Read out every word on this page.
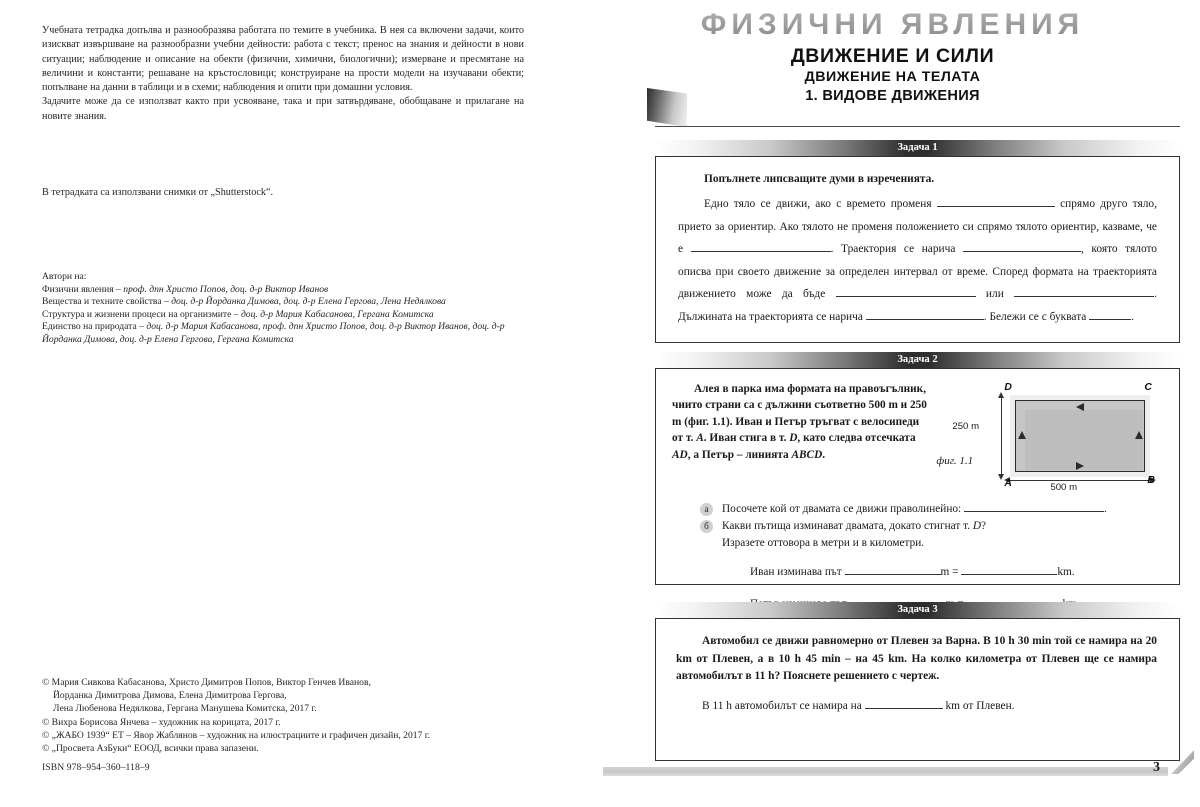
Учебната тетрадка допълва и разнообразява работата по темите в учебника. В нея са включени задачи, които изискват извършване на разнообразни учебни дейности: работа с текст; пренос на знания и дейности в нови ситуации; наблюдение и описание на обекти (физични, химични, биологични); измерване и пресмятане на величини и константи; решаване на кръстословици; конструиране на прости модели на изучавани обекти; попълване на данни в таблици и в схеми; наблюдения и опити при домашни условия.

Задачите може да се използват както при усвояване, така и при затвърдяване, обобщаване и прилагане на новите знания.

В тетрадката са използвани снимки от „Shutterstock“.
Автори на:
Физични явления – проф. дпн Христо Попов, доц. д-р Виктор Иванов
Вещества и техните свойства – доц. д-р Йорданка Димова, доц. д-р Елена Гергова, Лена Недялкова
Структура и жизнени процеси на организмите – доц. д-р Мария Кабасанова, Гергана Комитска
Единство на природата – доц. д-р Мария Кабасанова, проф. дпн Христо Попов, доц. д-р Виктор Иванов, доц. д-р Йорданка Димова, доц. д-р Елена Гергова, Гергана Комитска
© Мария Сивкова Кабасанова, Христо Димитров Попов, Виктор Генчев Иванов,
Йорданка Димитрова Димова, Елена Димитрова Гергова,
Лена Любенова Недялкова, Гергана Манушева Комитска, 2017 г.
© Вихра Борисова Янчева – художник на корицата, 2017 г.
© „ЖАБО 1939“ ЕТ – Явор Жаблянов – художник на илюстрациите и графичен дизайн, 2017 г.
© „Просвета АзБуки“ ЕООД, всички права запазени.
ISBN 978–954–360–118–9
ФИЗИЧНИ ЯВЛЕНИЯ
ДВИЖЕНИЕ И СИЛИ
ДВИЖЕНИЕ НА ТЕЛАТА
1. ВИДОВЕ ДВИЖЕНИЯ
Задача 1
Попълнете липсващите думи в изреченията.
Едно тяло се движи, ако с времето променя	спрямо друго тяло, прието за ориентир. Ако тялото не променя положението си спрямо тялото ориентир, казваме, че е	. Траектория се нарича	, която тялото описва при своето движение за определен интервал от време. Според формата на траекторията движението може да бъде	или	. Дължината на траекторията се нарича	. Бележи се с буквата	.
Задача 2
Алея в парка има формата на правоъгълник, чиито страни са с дължини съответно 500 m и 250 m (фиг. 1.1). Иван и Петър тръгват с велосипеди от т. A. Иван стига в т. D, като следва отсечката AD, а Петър – линията ABCD.
фиг. 1.1
250 m
500 m
D	C
A	B
а	Посочете кой от двамата се движи праволинейно:	.
б	Какви пътища изминават двамата, докато стигнат т. D?
Изразете оттовора в метри и в километри.
Иван изминава път	m =	km.

Задача 3
Автомобил се движи равномерно от Плевен за Варна. В 10 h 30 min той се намира на 20 km от Плевен, а в 10 h 45 min – на 45 km. На колко километра от Плевен ще се намира автомобилът в 11 h? Пояснете решението с чертеж.
В 11 h автомобилът се намира на	km от Плевен.
3
